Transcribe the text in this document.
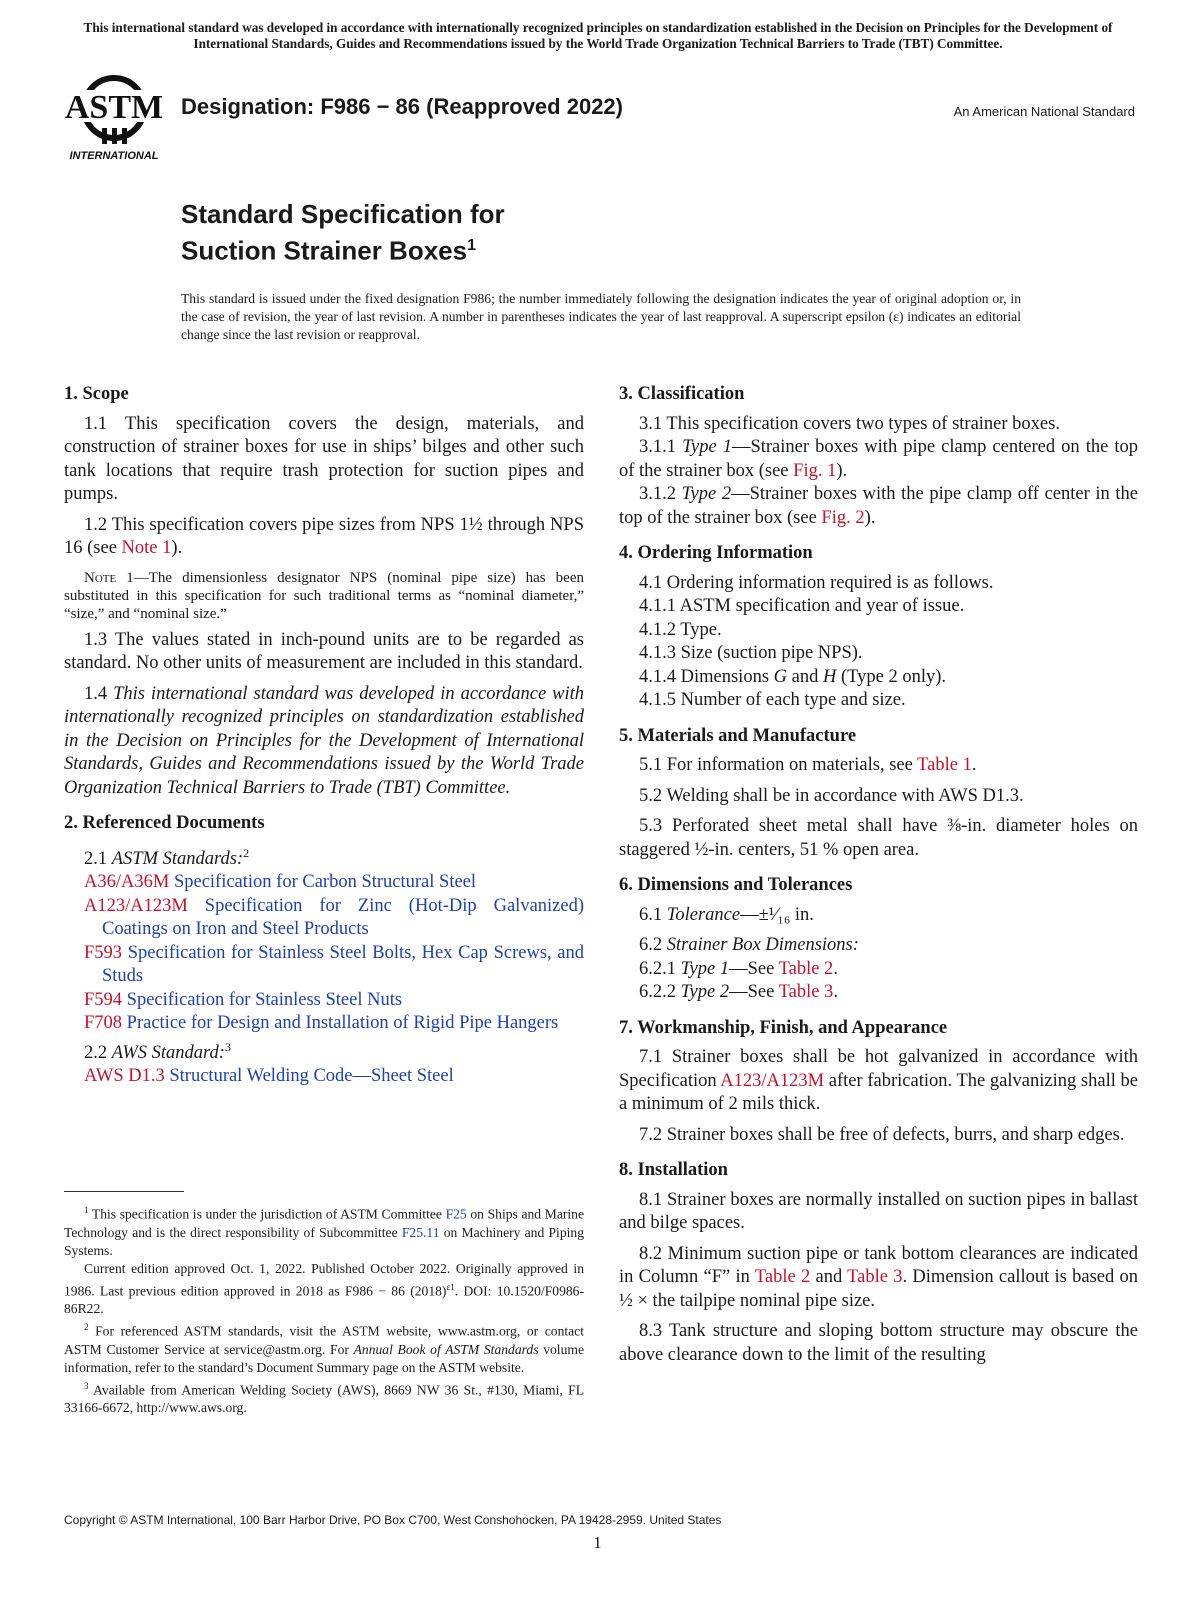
This international standard was developed in accordance with internationally recognized principles on standardization established in the Decision on Principles for the Development of International Standards, Guides and Recommendations issued by the World Trade Organization Technical Barriers to Trade (TBT) Committee.
ASTM
INTERNATIONAL
Designation: F986 − 86 (Reapproved 2022)	An American National Standard
Standard Specification for
Suction Strainer Boxes$^1$
This standard is issued under the fixed designation F986; the number immediately following the designation indicates the year of original adoption or, in the case of revision, the year of last revision. A number in parentheses indicates the year of last reapproval. A superscript epsilon (ε) indicates an editorial change since the last revision or reapproval.

1. Scope

1.1 This specification covers the design, materials, and construction of strainer boxes for use in ships’ bilges and other such tank locations that require trash protection for suction pipes and pumps.

1.2 This specification covers pipe sizes from NPS 1½ through NPS 16 (see Note 1).

Note 1—The dimensionless designator NPS (nominal pipe size) has been substituted in this specification for such traditional terms as “nominal diameter,” “size,” and “nominal size.”

1.3 The values stated in inch-pound units are to be regarded as standard. No other units of measurement are included in this standard.

1.4 This international standard was developed in accordance with internationally recognized principles on standardization established in the Decision on Principles for the Development of International Standards, Guides and Recommendations issued by the World Trade Organization Technical Barriers to Trade (TBT) Committee.

2. Referenced Documents

2.1 ASTM Standards:$^2$

A36/A36M Specification for Carbon Structural Steel

A123/A123M Specification for Zinc (Hot-Dip Galvanized) Coatings on Iron and Steel Products

F593 Specification for Stainless Steel Bolts, Hex Cap Screws, and Studs

F594 Specification for Stainless Steel Nuts

F708 Practice for Design and Installation of Rigid Pipe Hangers

2.2 AWS Standard:$^3$

AWS D1.3 Structural Welding Code—Sheet Steel

$^1$ This specification is under the jurisdiction of ASTM Committee F25 on Ships and Marine Technology and is the direct responsibility of Subcommittee F25.11 on Machinery and Piping Systems.

Current edition approved Oct. 1, 2022. Published October 2022. Originally approved in 1986. Last previous edition approved in 2018 as F986 − 86 $(2018)^{\varepsilon 1}$. DOI: 10.1520/F0986-86R22.

$^2$ For referenced ASTM standards, visit the ASTM website, www.astm.org, or contact ASTM Customer Service at service@astm.org. For Annual Book of ASTM Standards volume information, refer to the standard’s Document Summary page on the ASTM website.

$^3$ Available from American Welding Society (AWS), 8669 NW 36 St., #130, Miami, FL 33166-6672, http://www.aws.org.

3. Classification

3.1 This specification covers two types of strainer boxes.

3.1.1 Type 1—Strainer boxes with pipe clamp centered on the top of the strainer box (see Fig. 1).

3.1.2 Type 2—Strainer boxes with the pipe clamp off center in the top of the strainer box (see Fig. 2).

4. Ordering Information

4.1 Ordering information required is as follows.

4.1.1 ASTM specification and year of issue.

4.1.2 Type.

4.1.3 Size (suction pipe NPS).

4.1.4 Dimensions G and H (Type 2 only).

4.1.5 Number of each type and size.

5. Materials and Manufacture

5.1 For information on materials, see Table 1.

5.2 Welding shall be in accordance with AWS D1.3.

5.3 Perforated sheet metal shall have ⅜-in. diameter holes on staggered ½-in. centers, 51 % open area.

6. Dimensions and Tolerances

6.1 Tolerance—±¹⁄₁₆ in.

6.2 Strainer Box Dimensions:

6.2.1 Type 1—See Table 2.

6.2.2 Type 2—See Table 3.

7. Workmanship, Finish, and Appearance

7.1 Strainer boxes shall be hot galvanized in accordance with Specification A123/A123M after fabrication. The galvanizing shall be a minimum of 2 mils thick.

7.2 Strainer boxes shall be free of defects, burrs, and sharp edges.

8. Installation

8.1 Strainer boxes are normally installed on suction pipes in ballast and bilge spaces.

8.2 Minimum suction pipe or tank bottom clearances are indicated in Column “F” in Table 2 and Table 3. Dimension callout is based on ½ × the tailpipe nominal pipe size.

8.3 Tank structure and sloping bottom structure may obscure the above clearance down to the limit of the resulting

Copyright © ASTM International, 100 Barr Harbor Drive, PO Box C700, West Conshohocken, PA 19428-2959. United States
1
